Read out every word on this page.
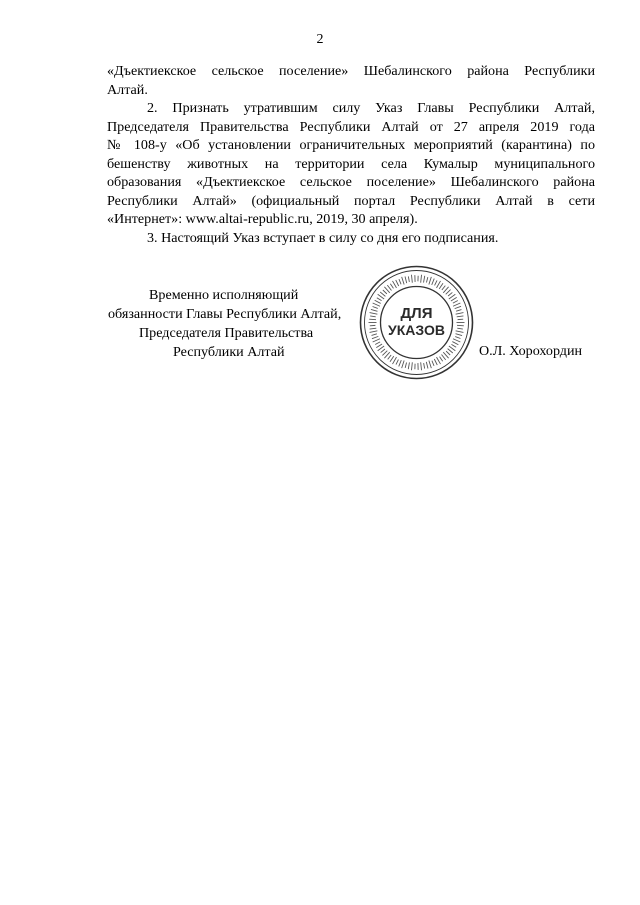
2
«Дъектиекское сельское поселение» Шебалинского района Республики
Алтай.
2. Признать утратившим силу Указ Главы Республики Алтай,
Председателя Правительства Республики Алтай от 27 апреля 2019 года
№ 108-у «Об установлении ограничительных мероприятий (карантина) по
бешенству животных на территории села Кумалыр муниципального
образования «Дъектиекское сельское поселение» Шебалинского района
Республики Алтай» (официальный портал Республики Алтай в сети
«Интернет»: www.altai-republic.ru, 2019, 30 апреля).
3. Настоящий Указ вступает в силу со дня его подписания.
Временно исполняющий
обязанности Главы Республики Алтай,
Председателя Правительства
Республики Алтай
ДЛЯ
УКАЗОВ
О.Л. Хорохордин
